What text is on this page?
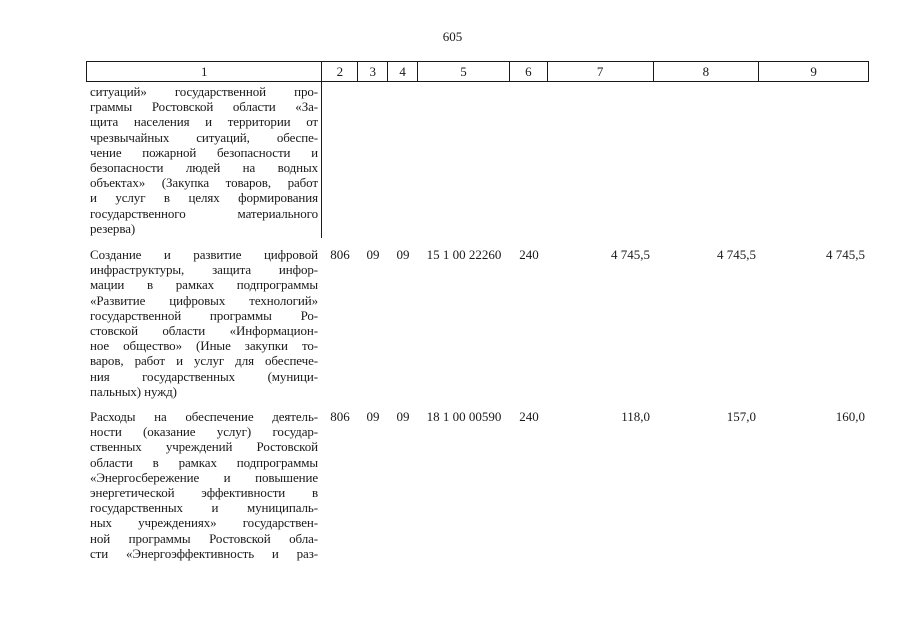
605
1	2	3	4	5	6	7	8	9
ситуаций» государственной про-
граммы Ростовской области «За-
щита населения и территории от
чрезвычайных ситуаций, обеспе-
чение пожарной безопасности и
безопасности людей на водных
объектах» (Закупка товаров, работ
и услуг в целях формирования
государственного материального
резерва)
Создание и развитие цифровой
инфраструктуры, защита инфор-
мации в рамках подпрограммы
«Развитие цифровых технологий»
государственной программы Ро-
стовской области «Информацион-
ное общество» (Иные закупки то-
варов, работ и услуг для обеспече-
ния государственных (муници-
пальных) нужд)
806	09	09	15 1 00 22260	240	4 745,5	4 745,5	4 745,5
Расходы на обеспечение деятель-
ности (оказание услуг) государ-
ственных учреждений Ростовской
области в рамках подпрограммы
«Энергосбережение и повышение
энергетической эффективности в
государственных и муниципаль-
ных учреждениях» государствен-
ной программы Ростовской обла-
сти «Энергоэффективность и раз-
806	09	09	18 1 00 00590	240	118,0	157,0	160,0
